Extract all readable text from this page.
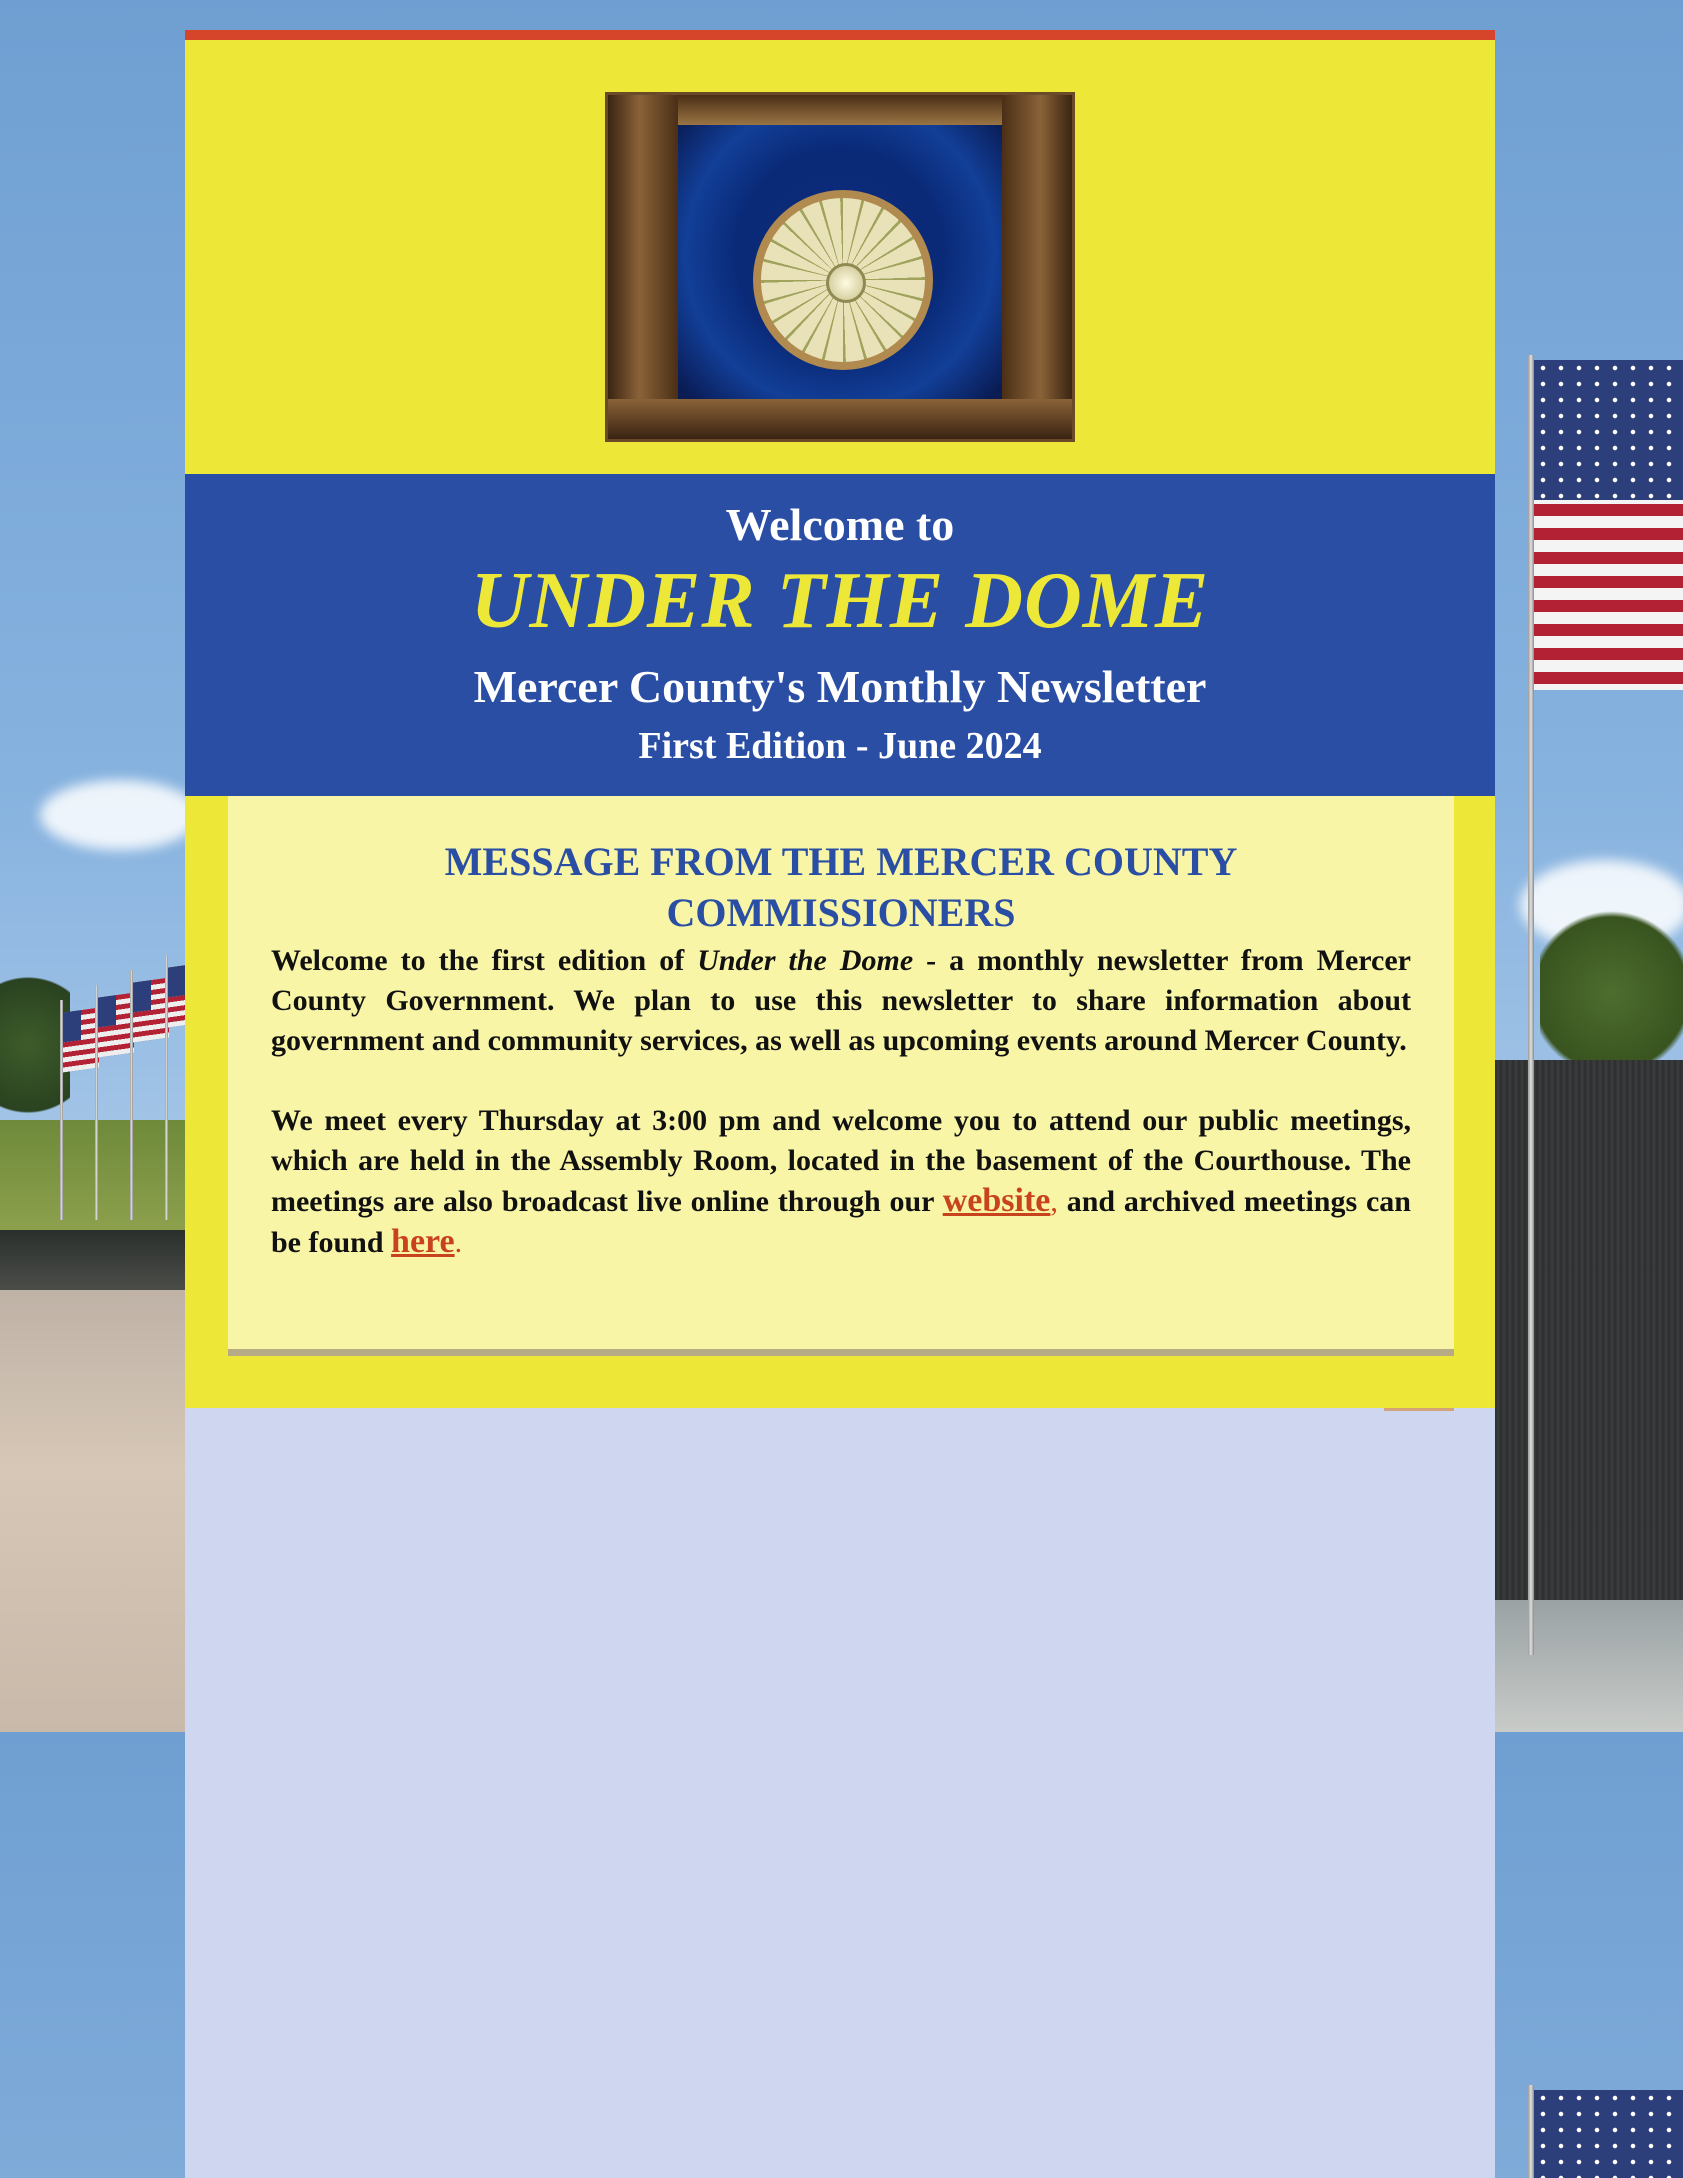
Welcome to
UNDER THE DOME
Mercer County's Monthly Newsletter
First Edition - June 2024
MESSAGE FROM THE MERCER COUNTY COMMISSIONERS

Welcome to the first edition of Under the Dome - a monthly newsletter from Mercer County Government. We plan to use this newsletter to share information about government and community services, as well as upcoming events around Mercer County.

We meet every Thursday at 3:00 pm and welcome you to attend our public meetings, which are held in the Assembly Room, located in the basement of the Courthouse. The meetings are also broadcast live online through our website, and archived meetings can be found here.
